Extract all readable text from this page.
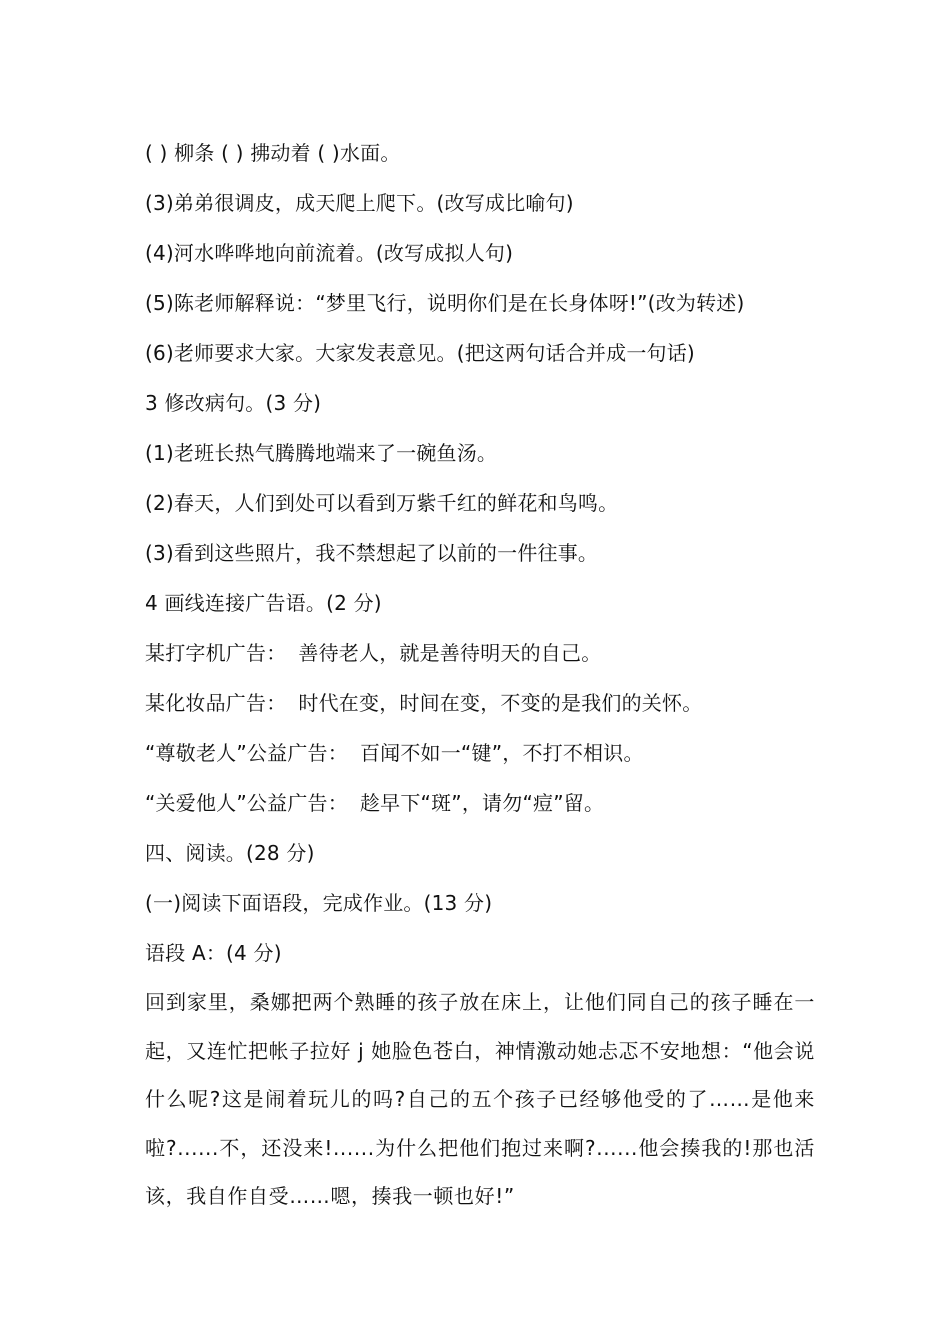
( ) 柳条 ( ) 拂动着 ( )水面。
(3)弟弟很调皮，成天爬上爬下。(改写成比喻句)
(4)河水哗哗地向前流着。(改写成拟人句)
(5)陈老师解释说：“梦里飞行，说明你们是在长身体呀!”(改为转述)
(6)老师要求大家。大家发表意见。(把这两句话合并成一句话)
3 修改病句。(3 分)
(1)老班长热气腾腾地端来了一碗鱼汤。
(2)春天，人们到处可以看到万紫千红的鲜花和鸟鸣。
(3)看到这些照片，我不禁想起了以前的一件往事。
4 画线连接广告语。(2 分)
某打字机广告： 善待老人，就是善待明天的自己。
某化妆品广告： 时代在变，时间在变，不变的是我们的关怀。
“尊敬老人”公益广告： 百闻不如一“键”，不打不相识。
“关爱他人”公益广告： 趁早下“斑”，请勿“痘”留。
四、阅读。(28 分)
(一)阅读下面语段，完成作业。(13 分)
语段 A：(4 分)
回到家里，桑娜把两个熟睡的孩子放在床上，让他们同自己的孩子睡在一起，又连忙把帐子拉好 j 她脸色苍白，神情激动她忐忑不安地想：“他会说什么呢?这是闹着玩儿的吗?自己的五个孩子已经够他受的了……是他来啦?......不，还没来!......为什么把他们抱过来啊?......他会揍我的!那也活该，我自作自受……嗯，揍我一顿也好!”
